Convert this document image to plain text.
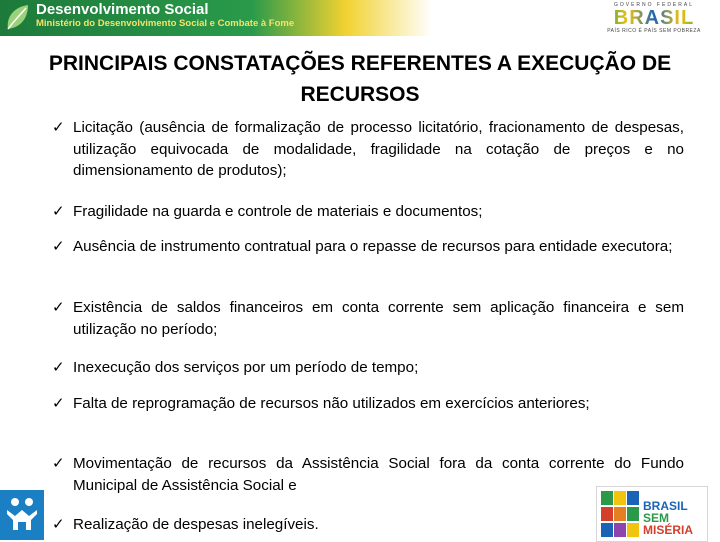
Desenvolvimento Social
Ministério do Desenvolvimento Social e Combate à Fome
GOVERNO FEDERAL
BRASIL
PAÍS RICO É PAÍS SEM POBREZA
PRINCIPAIS CONSTATAÇÕES REFERENTES A EXECUÇÃO DE RECURSOS
✓ Licitação (ausência de formalização de processo licitatório, fracionamento de despesas, utilização equivocada de modalidade, fragilidade na cotação de preços e no dimensionamento de produtos);
✓ Fragilidade na guarda e controle de materiais e documentos;
✓ Ausência de instrumento contratual para o repasse de recursos para entidade executora;
✓ Existência de saldos financeiros em conta corrente sem aplicação financeira e sem utilização no período;
✓ Inexecução dos serviços por um período de tempo;
✓ Falta de reprogramação de recursos não utilizados em exercícios anteriores;
✓ Movimentação de recursos da Assistência Social fora da conta corrente do Fundo Municipal de Assistência Social e
✓ Realização de despesas inelegíveis.
BRASIL
SEM
MISÉRIA
